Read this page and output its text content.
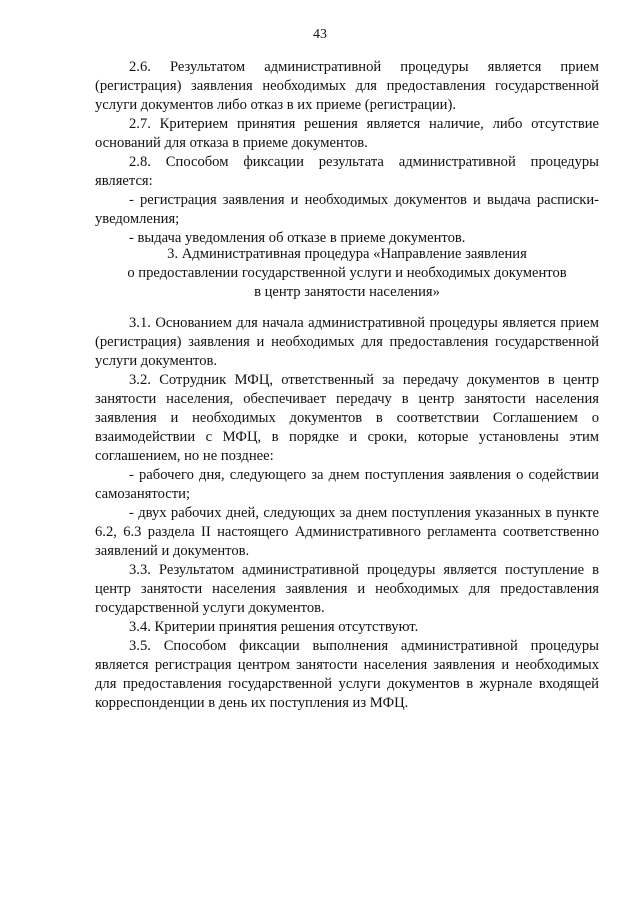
43

2.6. Результатом административной процедуры является прием (регистрация) заявления необходимых для предоставления государственной услуги документов либо отказ в их приеме (регистрации).

2.7. Критерием принятия решения является наличие, либо отсутствие оснований для отказа в приеме документов.

2.8. Способом фиксации результата административной процедуры является:

- регистрация заявления и необходимых документов и выдача расписки-уведомления;

- выдача уведомления об отказе в приеме документов.

3. Административная процедура «Направление заявления
о предоставлении государственной услуги и необходимых документов
в центр занятости населения»

3.1. Основанием для начала административной процедуры является прием (регистрация) заявления и необходимых для предоставления государственной услуги документов.

3.2. Сотрудник МФЦ, ответственный за передачу документов в центр занятости населения, обеспечивает передачу в центр занятости населения заявления и необходимых документов в соответствии Соглашением о взаимодействии с МФЦ, в порядке и сроки, которые установлены этим соглашением, но не позднее:

- рабочего дня, следующего за днем поступления заявления о содействии самозанятости;

- двух рабочих дней, следующих за днем поступления указанных в пункте 6.2, 6.3 раздела II настоящего Административного регламента соответственно заявлений и документов.

3.3. Результатом административной процедуры является поступление в центр занятости населения заявления и необходимых для предоставления государственной услуги документов.

3.4. Критерии принятия решения отсутствуют.

3.5. Способом фиксации выполнения административной процедуры является регистрация центром занятости населения заявления и необходимых для предоставления государственной услуги документов в журнале входящей корреспонденции в день их поступления из МФЦ.
